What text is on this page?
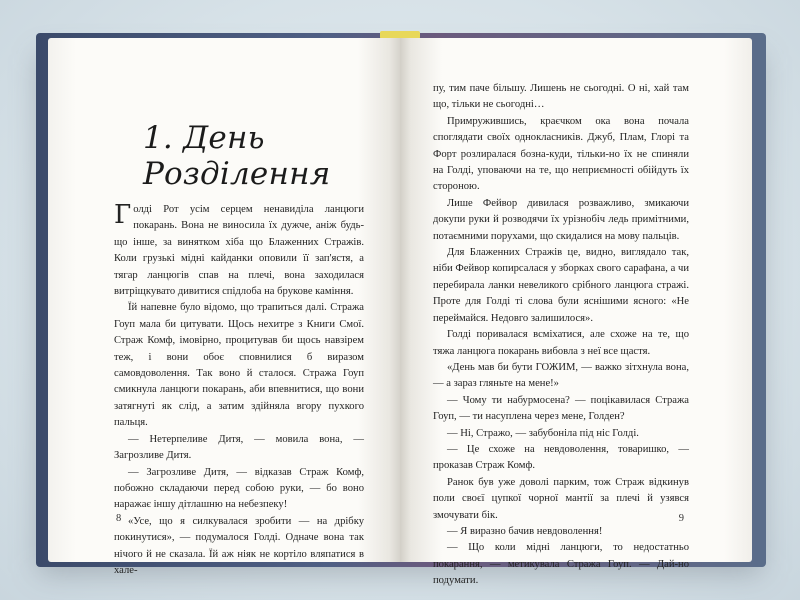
1. День Розділення

Голді Рот усім серцем ненавиділа ланцюги покарань. Вона не виносила їх дужче, аніж будь-що інше, за винятком хіба що Блаженних Стражів. Коли грузькі мідні кайданки оповили її зап'ястя, а тягар ланцюгів спав на плечі, вона заходилася витріщкувато дивитися спідлоба на брукове каміння.

Їй напевне було відомо, що трапиться далі. Стража Гоуп мала би цитувати. Щось нехитре з Книги Смої. Страж Комф, імовірно, процитував би щось навзірем теж, і вони обоє сповнилися б виразом самовдоволення. Так воно й сталося. Стража Гоуп смикнула ланцюги покарань, аби впевнитися, що вони затягнуті як слід, а затим здійняла вгору пухкого пальця.

— Нетерпеливе Дитя, — мовила вона, — Загрозливе Дитя.

— Загрозливе Дитя, — відказав Страж Комф, побожно складаючи перед собою руки, — бо воно наражає іншу дітлашню на небезпеку!

«Усе, що я силкувалася зробити — на дрібку покинутися», — подумалося Голді. Одначе вона так нічого й не сказала. Їй аж ніяк не кортіло вляпатися в хале-

8

пу, тим паче більшу. Лишень не сьогодні. О ні, хай там що, тільки не сьогодні…

Примружившись, краєчком ока вона почала споглядати своїх однокласників. Джуб, Плам, Глорі та Форт розлиралася бозна-куди, тільки-но їх не спиняли на Голді, уповаючи на те, що неприємності обійдуть їх стороною.

Лише Фейвор дивилася розважливо, змикаючи докупи руки й розводячи їх урізнобіч ледь примітними, потаємними порухами, що скидалися на мову пальців.

Для Блаженних Стражів це, видно, виглядало так, ніби Фейвор копирсалася у зборках свого сарафана, а чи перебирала ланки невеликого срібного ланцюга стражі. Проте для Голді ті слова були яснішими ясного: «Не переймайся. Недовго залишилося».

Голді поривалася всміхатися, але схоже на те, що тяжа ланцюга покарань вибовла з неї все щастя.

«День мав би бути ГОЖИМ, — важко зітхнула вона, — а зараз гляньте на мене!»

— Чому ти набурмосена? — поцікавилася Стража Гоуп, — ти насуплена через мене, Голден?

— Ні, Стражо, — забубоніла під ніс Голді.

— Це схоже на невдоволення, товаришко, — проказав Страж Комф.

Ранок був уже доволі парким, тож Страж відкинув поли своєї цупкої чорної мантії за плечі й узявся змочувати бік.

— Я виразно бачив невдоволення!

— Що коли мідні ланцюги, то недостатньо покарання, — метикувала Стража Гоуп. — Дай-но подумати.

9
